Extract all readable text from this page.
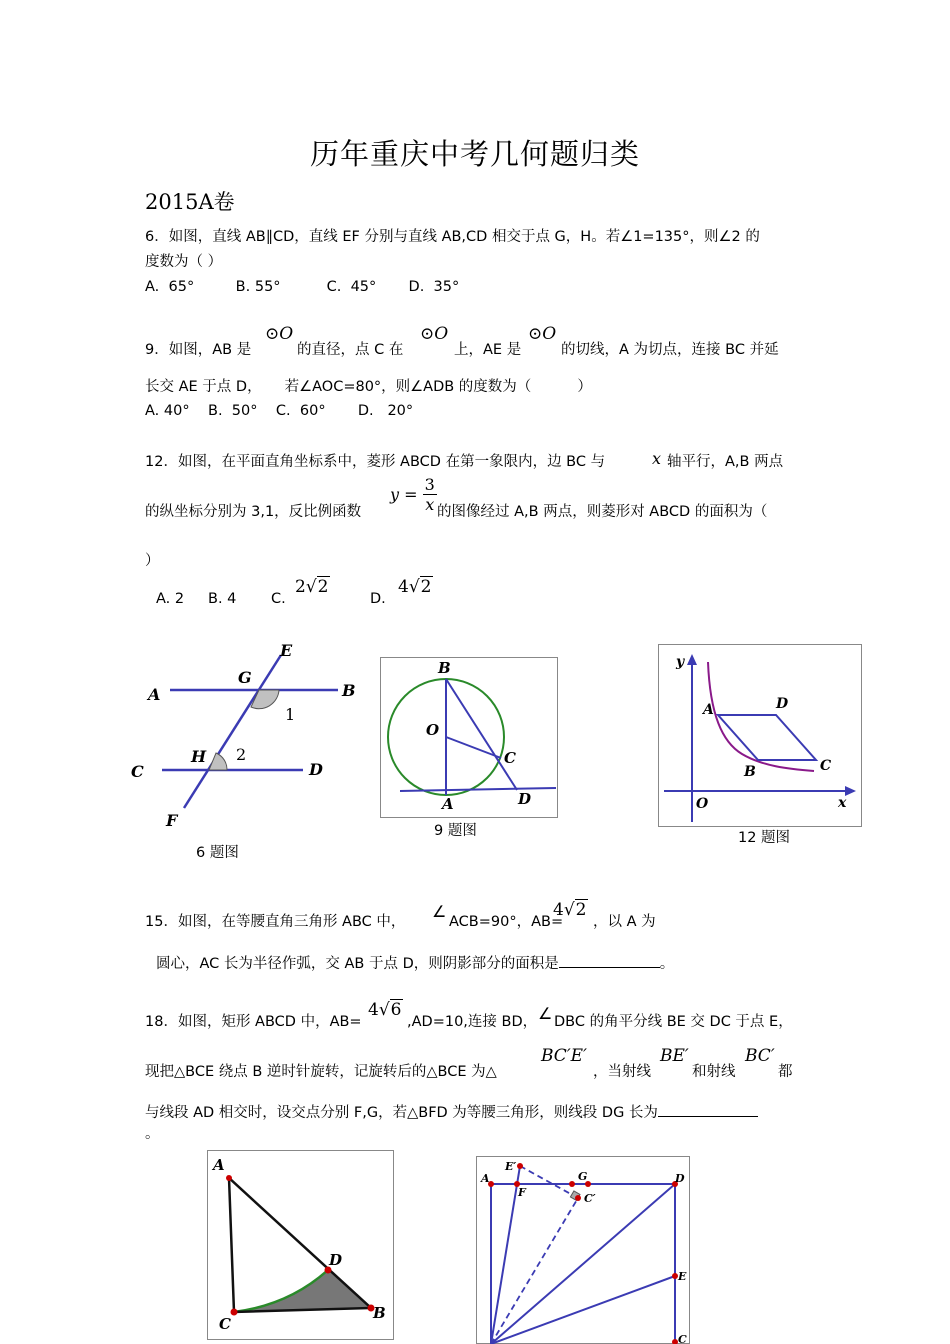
历年重庆中考几何题归类
2015A卷
6．如图，直线 AB∥CD，直线 EF 分别与直线 AB,CD 相交于点 G，H。若∠1=135°，则∠2 的
度数为（ ）
A.  65°         B. 55°          C.  45°       D.  35°
9．如图，AB 是
⊙O
的直径，点 C 在
⊙O
上，AE 是
⊙O
的切线，A 为切点，连接 BC 并延
长交 AE 于点 D，     若∠AOC=80°，则∠ADB 的度数为（          ）
A. 40°    B.  50°    C.  60°       D.   20°
12．如图，在平面直角坐标系中，菱形 ABCD 在第一象限内，边 BC 与	x 轴平行，A,B 两点
的纵坐标分别为 3,1，反比例函数
$y = \frac{3}{x}$ 的图像经过 A,B 两点，则菱形对 ABCD 的面积为（
）
A. 2 B. 4 C.
2√2
D.
4√2
A	B
C	D
E
F
G
H
1
2
6 题图
B
O
C
A	D
9 题图
y
A	D
B	C
O	x
12 题图
15．如图，在等腰直角三角形 ABC 中，
∠
ACB=90°，AB=
4√2
，以 A 为
圆心，AC 长为半径作弧，交 AB 于点 D，则阴影部分的面积是	。
18．如图，矩形 ABCD 中，AB=
4√6
,AD=10,连接 BD， ∠ DBC 的角平分线 BE 交 DC 于点 E，
现把△BCE 绕点 B 逆时针旋转，记旋转后的△BCE 为△
BC′E′
，当射线
BE′
和射线
BC′
都
与线段 AD 相交时，设交点分别 F,G，若△BFD 为等腰三角形，则线段 DG 长为
。
A
D
C
B
A
E′
F
G
C′
D
E
C
